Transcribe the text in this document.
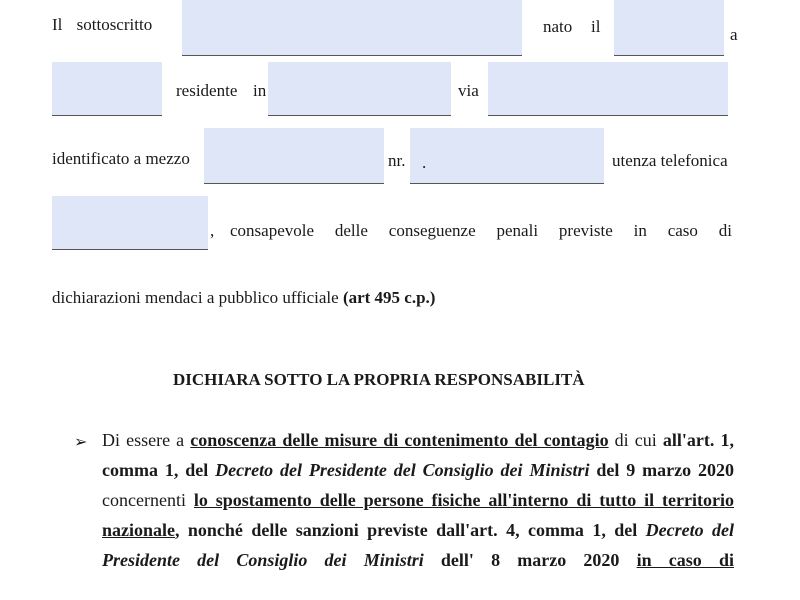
Il sottoscritto	nato il	a
residente in	via
identificato a mezzo	nr. .	utenza telefonica
, consapevole delle conseguenze penali previste in caso di
dichiarazioni mendaci a pubblico ufficiale (art 495 c.p.)
DICHIARA SOTTO LA PROPRIA RESPONSABILITÀ
➢ Di essere a conoscenza delle misure di contenimento del contagio di cui all'art. 1, comma 1, del Decreto del Presidente del Consiglio dei Ministri del 9 marzo 2020 concernenti lo spostamento delle persone fisiche all'interno di tutto il territorio nazionale, nonché delle sanzioni previste dall'art. 4, comma 1, del Decreto del Presidente del Consiglio dei Ministri dell' 8 marzo 2020 in caso di
